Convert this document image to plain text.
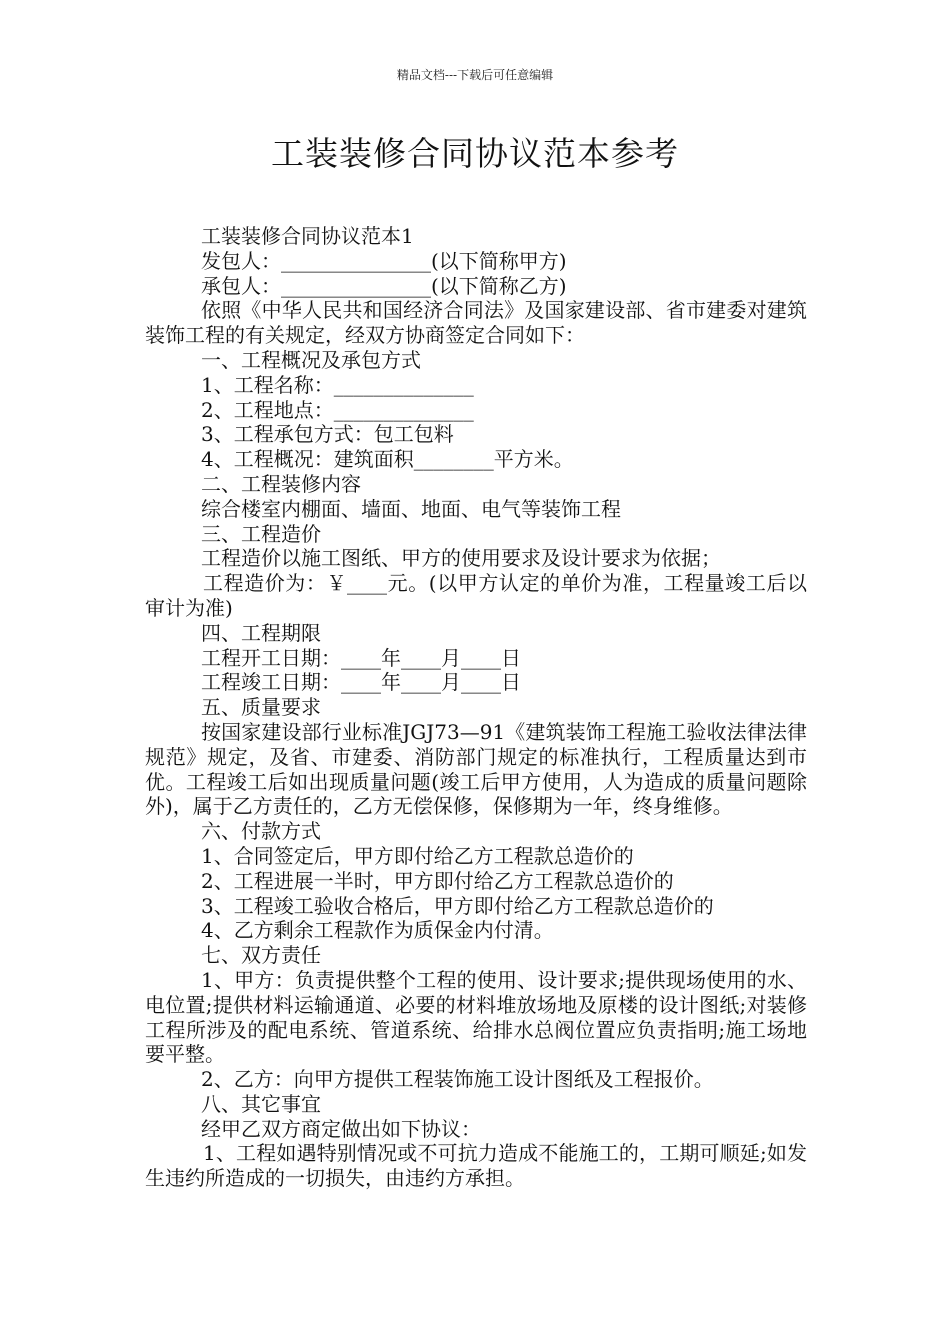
精品文档---下载后可任意编辑
工装装修合同协议范本参考

工装装修合同协议范本1

发包人：_______________(以下简称甲方)

承包人：_______________(以下简称乙方)

依照《中华人民共和国经济合同法》及国家建设部、省市建委对建筑装饰工程的有关规定，经双方协商签定合同如下：

一、工程概况及承包方式

1、工程名称：______________

2、工程地点：______________

3、工程承包方式：包工包料

4、工程概况：建筑面积________平方米。

二、工程装修内容

综合楼室内棚面、墙面、地面、电气等装饰工程

三、工程造价

工程造价以施工图纸、甲方的使用要求及设计要求为依据；

工程造价为：￥____元。(以甲方认定的单价为准，工程量竣工后以审计为准)

四、工程期限

工程开工日期：____年____月____日

工程竣工日期：____年____月____日

五、质量要求

按国家建设部行业标准JGJ73—91《建筑装饰工程施工验收法律法律规范》规定，及省、市建委、消防部门规定的标准执行，工程质量达到市优。工程竣工后如出现质量问题(竣工后甲方使用，人为造成的质量问题除外)，属于乙方责任的，乙方无偿保修，保修期为一年，终身维修。

六、付款方式

1、合同签定后，甲方即付给乙方工程款总造价的

2、工程进展一半时，甲方即付给乙方工程款总造价的

3、工程竣工验收合格后，甲方即付给乙方工程款总造价的

4、乙方剩余工程款作为质保金内付清。

七、双方责任

1、甲方：负责提供整个工程的使用、设计要求;提供现场使用的水、电位置;提供材料运输通道、必要的材料堆放场地及原楼的设计图纸;对装修工程所涉及的配电系统、管道系统、给排水总阀位置应负责指明;施工场地要平整。

2、乙方：向甲方提供工程装饰施工设计图纸及工程报价。

八、其它事宜

经甲乙双方商定做出如下协议：

1、工程如遇特别情况或不可抗力造成不能施工的，工期可顺延;如发生违约所造成的一切损失，由违约方承担。
